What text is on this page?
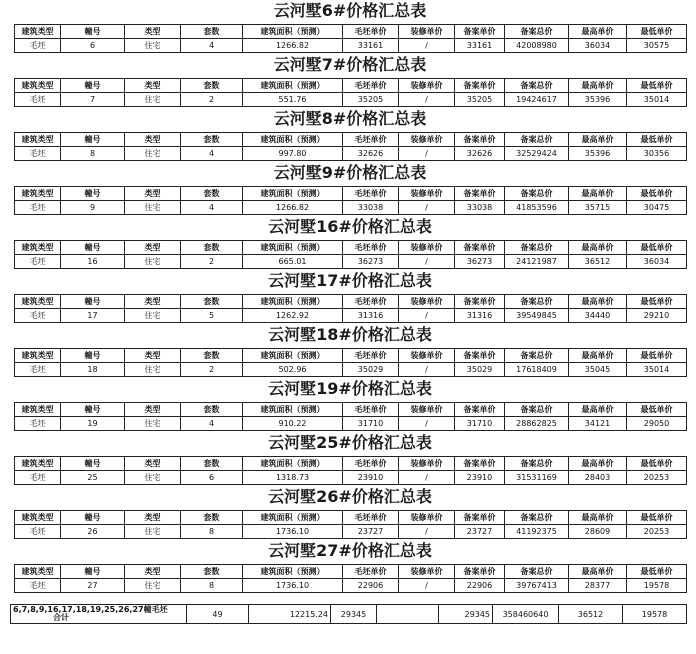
云河墅6#价格汇总表
建筑类型	幢号	类型	套数	建筑面积（预测）	毛坯单价	装修单价	备案单价	备案总价	最高单价	最低单价
毛坯	6	住宅	4	1266.82	33161	/	33161	42008980	36034	30575
云河墅7#价格汇总表
建筑类型	幢号	类型	套数	建筑面积（预测）	毛坯单价	装修单价	备案单价	备案总价	最高单价	最低单价
毛坯	7	住宅	2	551.76	35205	/	35205	19424617	35396	35014
云河墅8#价格汇总表
建筑类型	幢号	类型	套数	建筑面积（预测）	毛坯单价	装修单价	备案单价	备案总价	最高单价	最低单价
毛坯	8	住宅	4	997.80	32626	/	32626	32529424	35396	30356
云河墅9#价格汇总表
建筑类型	幢号	类型	套数	建筑面积（预测）	毛坯单价	装修单价	备案单价	备案总价	最高单价	最低单价
毛坯	9	住宅	4	1266.82	33038	/	33038	41853596	35715	30475
云河墅16#价格汇总表
建筑类型	幢号	类型	套数	建筑面积（预测）	毛坯单价	装修单价	备案单价	备案总价	最高单价	最低单价
毛坯	16	住宅	2	665.01	36273	/	36273	24121987	36512	36034
云河墅17#价格汇总表
建筑类型	幢号	类型	套数	建筑面积（预测）	毛坯单价	装修单价	备案单价	备案总价	最高单价	最低单价
毛坯	17	住宅	5	1262.92	31316	/	31316	39549845	34440	29210
云河墅18#价格汇总表
建筑类型	幢号	类型	套数	建筑面积（预测）	毛坯单价	装修单价	备案单价	备案总价	最高单价	最低单价
毛坯	18	住宅	2	502.96	35029	/	35029	17618409	35045	35014
云河墅19#价格汇总表
建筑类型	幢号	类型	套数	建筑面积（预测）	毛坯单价	装修单价	备案单价	备案总价	最高单价	最低单价
毛坯	19	住宅	4	910.22	31710	/	31710	28862825	34121	29050
云河墅25#价格汇总表
建筑类型	幢号	类型	套数	建筑面积（预测）	毛坯单价	装修单价	备案单价	备案总价	最高单价	最低单价
毛坯	25	住宅	6	1318.73	23910	/	23910	31531169	28403	20253
云河墅26#价格汇总表
建筑类型	幢号	类型	套数	建筑面积（预测）	毛坯单价	装修单价	备案单价	备案总价	最高单价	最低单价
毛坯	26	住宅	8	1736.10	23727	/	23727	41192375	28609	20253
云河墅27#价格汇总表
建筑类型	幢号	类型	套数	建筑面积（预测）	毛坯单价	装修单价	备案单价	备案总价	最高单价	最低单价
毛坯	27	住宅	8	1736.10	22906	/	22906	39767413	28377	19578
6,7,8,9,16,17,18,19,25,26,27幢毛坯
合计	49	12215.24	29345		29345	358460640	36512	19578
